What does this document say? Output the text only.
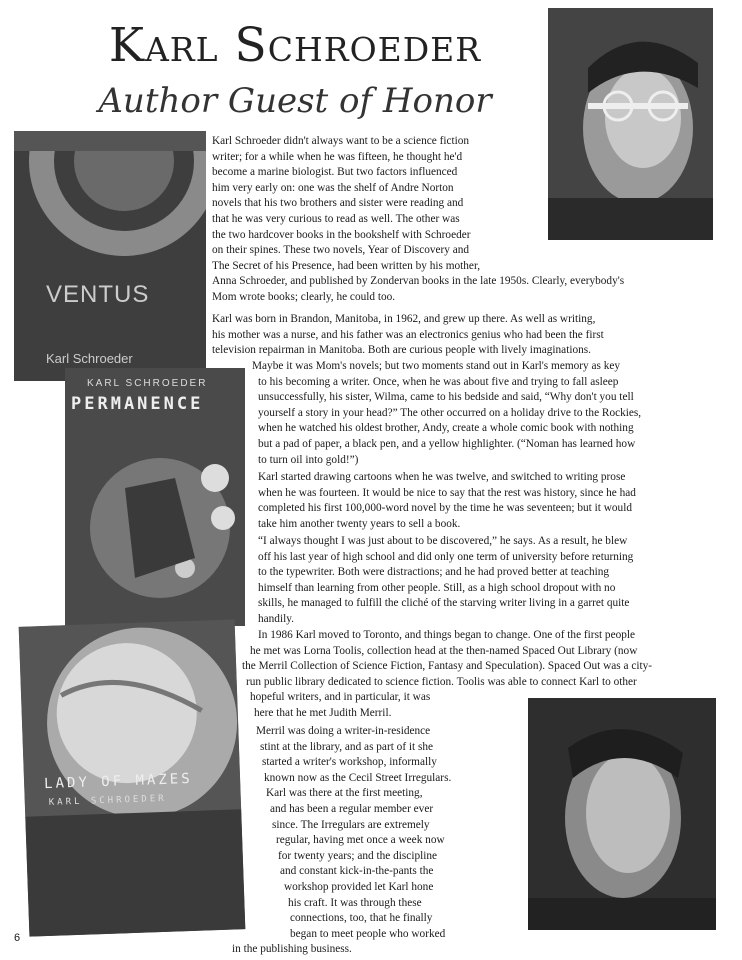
Karl Schroeder
Author Guest of Honor
VENTUS
Karl Schroeder
KARL SCHROEDER
PERMANENCE
LADY OF MAZES
KARL SCHROEDER
Karl Schroeder didn't always want to be a science fiction
writer; for a while when he was fifteen, he thought he'd
become a marine biologist. But two factors influenced
him very early on: one was the shelf of Andre Norton
novels that his two brothers and sister were reading and
that he was very curious to read as well. The other was
the two hardcover books in the bookshelf with Schroeder
on their spines. These two novels, Year of Discovery and
The Secret of his Presence, had been written by his mother,
Anna Schroeder, and published by Zondervan books in the late 1950s. Clearly, everybody's
Mom wrote books; clearly, he could too.
Karl was born in Brandon, Manitoba, in 1962, and grew up there. As well as writing,
his mother was a nurse, and his father was an electronics genius who had been the first
television repairman in Manitoba. Both are curious people with lively imaginations.
Maybe it was Mom's novels; but two moments stand out in Karl's memory as key
to his becoming a writer. Once, when he was about five and trying to fall asleep
unsuccessfully, his sister, Wilma, came to his bedside and said, “Why don't you tell
yourself a story in your head?” The other occurred on a holiday drive to the Rockies,
when he watched his oldest brother, Andy, create a whole comic book with nothing
but a pad of paper, a black pen, and a yellow highlighter. (“Noman has learned how
to turn oil into gold!”)
Karl started drawing cartoons when he was twelve, and switched to writing prose
when he was fourteen. It would be nice to say that the rest was history, since he had
completed his first 100,000-word novel by the time he was seventeen; but it would
take him another twenty years to sell a book.
“I always thought I was just about to be discovered,” he says. As a result, he blew
off his last year of high school and did only one term of university before returning
to the typewriter. Both were distractions; and he had proved better at teaching
himself than learning from other people. Still, as a high school dropout with no
skills, he managed to fulfill the cliché of the starving writer living in a garret quite
handily.
In 1986 Karl moved to Toronto, and things began to change. One of the first people
he met was Lorna Toolis, collection head at the then-named Spaced Out Library (now
the Merril Collection of Science Fiction, Fantasy and Speculation). Spaced Out was a city-
run public library dedicated to science fiction. Toolis was able to connect Karl to other
hopeful writers, and in particular, it was
here that he met Judith Merril.
Merril was doing a writer-in-residence
stint at the library, and as part of it she
started a writer's workshop, informally
known now as the Cecil Street Irregulars.
Karl was there at the first meeting,
and has been a regular member ever
since. The Irregulars are extremely
regular, having met once a week now
for twenty years; and the discipline
and constant kick-in-the-pants the
workshop provided let Karl hone
his craft. It was through these
connections, too, that he finally
began to meet people who worked
in the publishing business.
6
